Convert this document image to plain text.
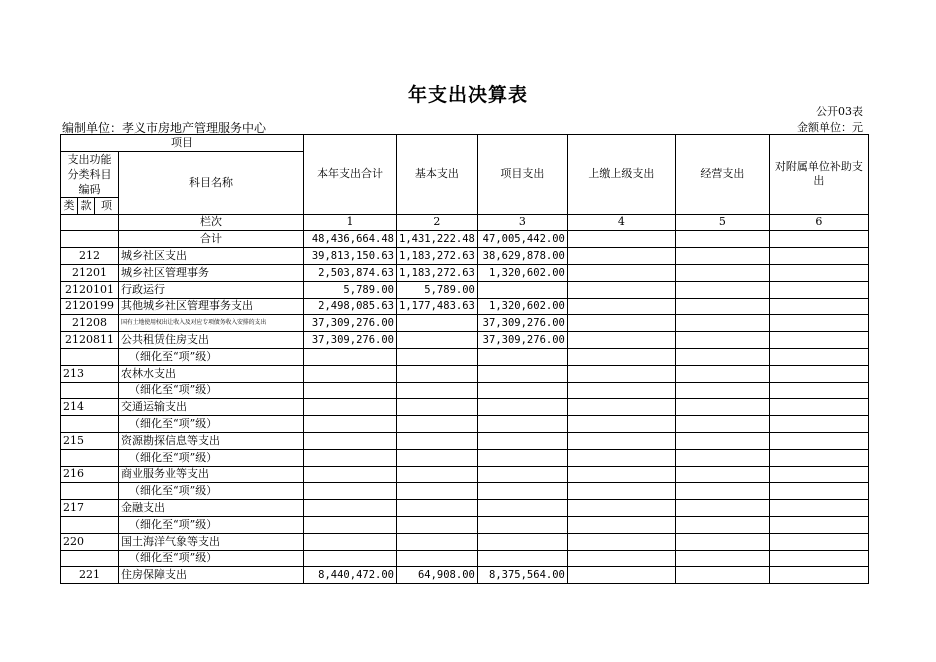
年支出决算表
公开03表
编制单位：孝义市房地产管理服务中心	金额单位：元
项目				本年支出合计	基本支出	项目支出	上缴上级支出	经营支出	对附属单位补助支出
支出功能分类科目编码			科目名称						
类	款	项							

			栏次	1	2	3	4	5	6
			合计	48,436,664.48	1,431,222.48	47,005,442.00			
212			城乡社区支出	39,813,150.63	1,183,272.63	38,629,878.00			
21201			城乡社区管理事务	2,503,874.63	1,183,272.63	1,320,602.00			
2120101			行政运行	5,789.00	5,789.00				
2120199			其他城乡社区管理事务支出	2,498,085.63	1,177,483.63	1,320,602.00			
21208			国有土地使用权出让收入及对应专项债务收入安排的支出	37,309,276.00		37,309,276.00			
2120811			公共租赁住房支出	37,309,276.00		37,309,276.00			
			（细化至“项”级）						
213			农林水支出						
			（细化至“项”级）						
214			交通运输支出						
			（细化至“项”级）						
215			资源勘探信息等支出						
			（细化至“项”级）						
216			商业服务业等支出						
			（细化至“项”级）						
217			金融支出						
			（细化至“项”级）						
220			国土海洋气象等支出						
			（细化至“项”级）						
221			住房保障支出	8,440,472.00	64,908.00	8,375,564.00			
